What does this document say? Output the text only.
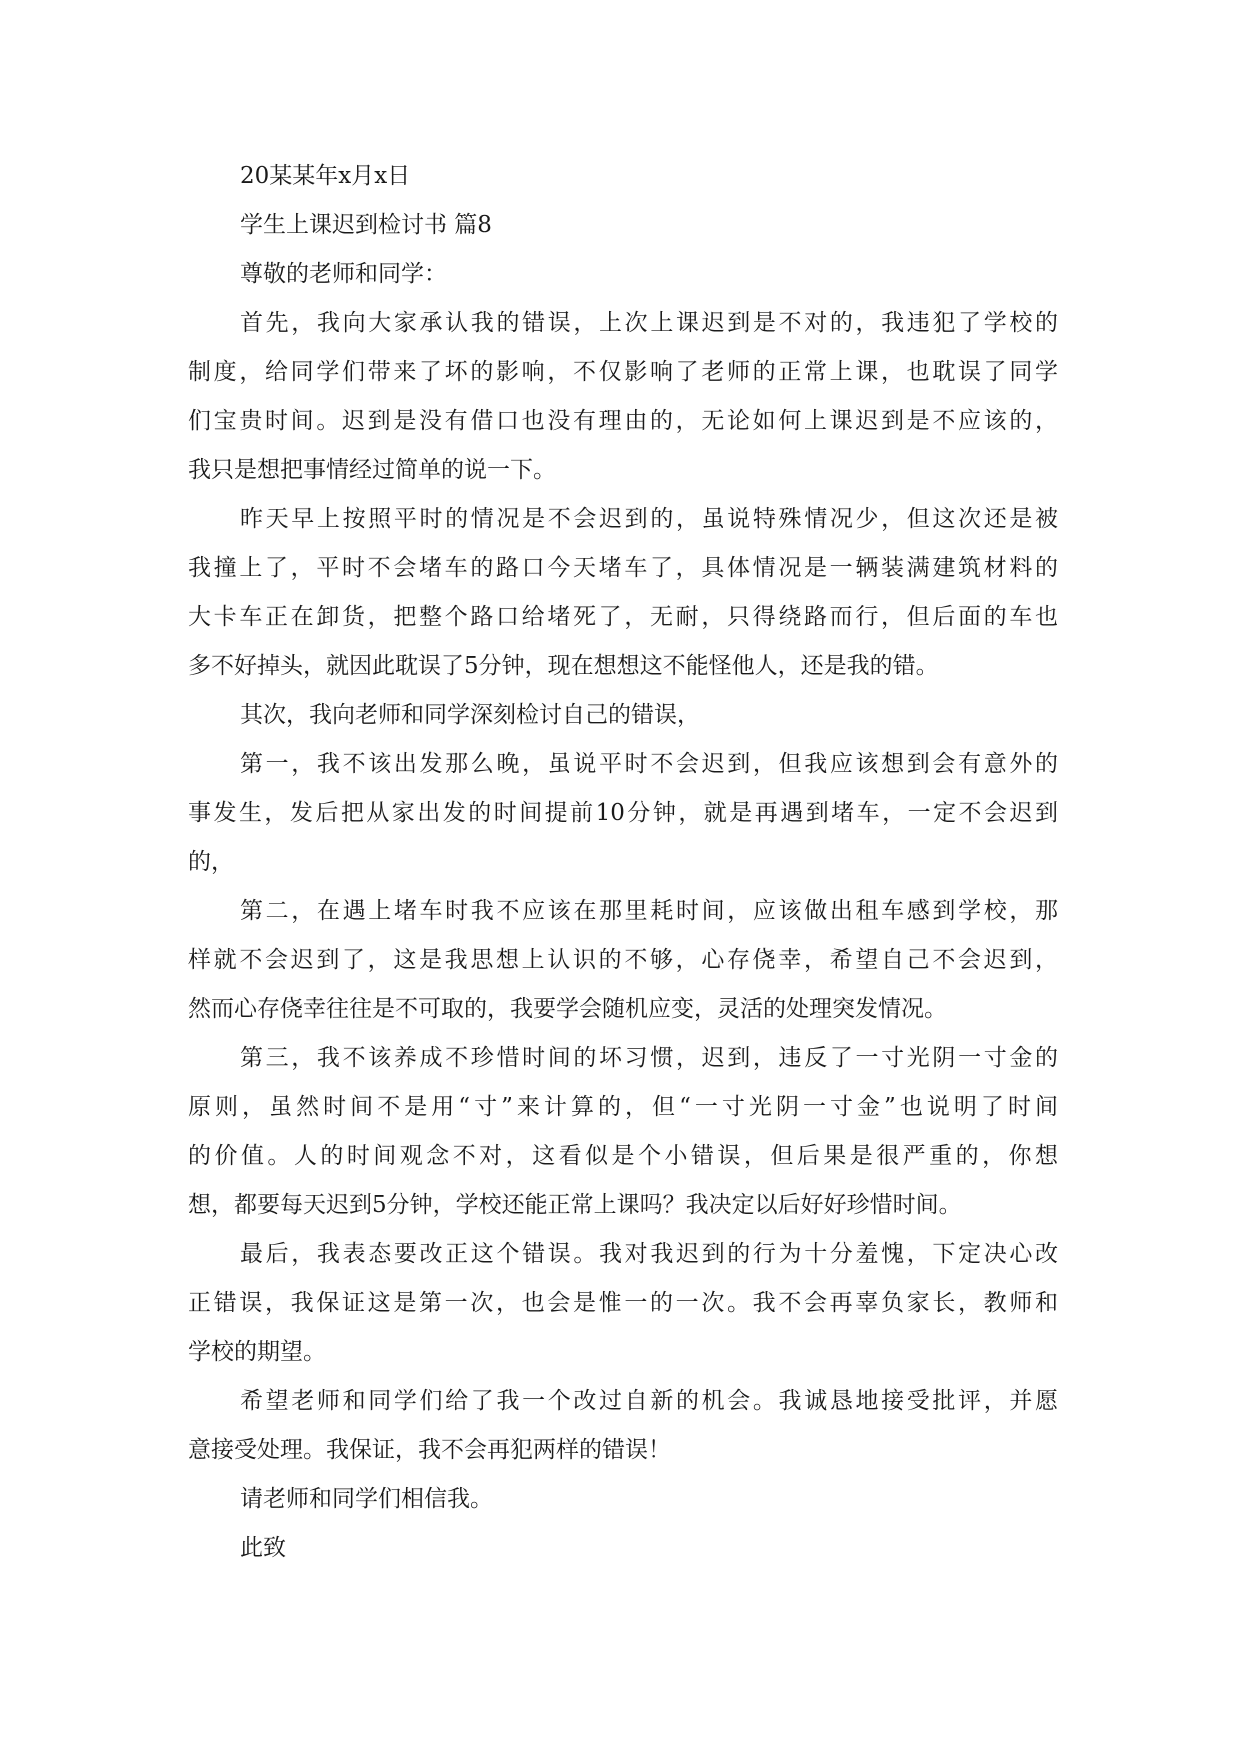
20某某年x月x日
学生上课迟到检讨书 篇8
尊敬的老师和同学：
首先，我向大家承认我的错误，上次上课迟到是不对的，我违犯了学校的
制度，给同学们带来了坏的影响，不仅影响了老师的正常上课，也耽误了同学
们宝贵时间。迟到是没有借口也没有理由的，无论如何上课迟到是不应该的，
我只是想把事情经过简单的说一下。
昨天早上按照平时的情况是不会迟到的，虽说特殊情况少，但这次还是被
我撞上了，平时不会堵车的路口今天堵车了，具体情况是一辆装满建筑材料的
大卡车正在卸货，把整个路口给堵死了，无耐，只得绕路而行，但后面的车也
多不好掉头，就因此耽误了5分钟，现在想想这不能怪他人，还是我的错。
其次，我向老师和同学深刻检讨自己的错误，
第一，我不该出发那么晚，虽说平时不会迟到，但我应该想到会有意外的
事发生，发后把从家出发的时间提前10分钟，就是再遇到堵车，一定不会迟到
的，
第二，在遇上堵车时我不应该在那里耗时间，应该做出租车感到学校，那
样就不会迟到了，这是我思想上认识的不够，心存侥幸，希望自己不会迟到，
然而心存侥幸往往是不可取的，我要学会随机应变，灵活的处理突发情况。
第三，我不该养成不珍惜时间的坏习惯，迟到，违反了一寸光阴一寸金的
原则，虽然时间不是用“寸”来计算的，但“一寸光阴一寸金”也说明了时间
的价值。人的时间观念不对，这看似是个小错误，但后果是很严重的，你想
想，都要每天迟到5分钟，学校还能正常上课吗？我决定以后好好珍惜时间。
最后，我表态要改正这个错误。我对我迟到的行为十分羞愧，下定决心改
正错误，我保证这是第一次，也会是惟一的一次。我不会再辜负家长，教师和
学校的期望。
希望老师和同学们给了我一个改过自新的机会。我诚恳地接受批评，并愿
意接受处理。我保证，我不会再犯两样的错误！
请老师和同学们相信我。
此致
